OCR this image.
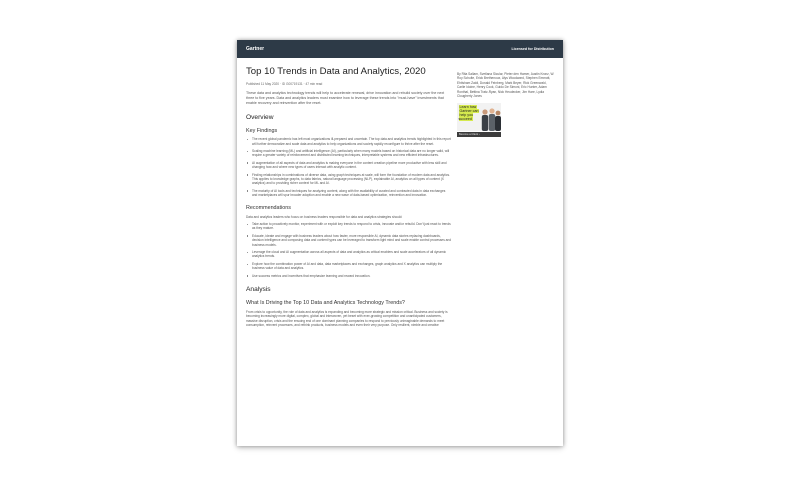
Gartner	Licensed for Distribution
Top 10 Trends in Data and Analytics, 2020
Published 11 May 2020 · ID G00719131 · 47 min read
These data and analytics technology trends will help to accelerate renewal, drive innovation and rebuild society over the next three to five years. Data and analytics leaders must examine how to leverage these trends into "must-have" investments that enable recovery and reinvention after the reset.
Overview
Key Findings
The recent global pandemic has left most organizations ill-prepared and uncertain. The top data and analytics trends highlighted in this report will further democratize and scale data and analytics to help organizations and society rapidly reconfigure to thrive after the reset.
Scaling machine learning (ML) and artificial intelligence (AI), particularly when many models based on historical data are no longer valid, will require a greater variety of reinforcement and distributed learning techniques, interpretable systems and new efficient infrastructures.
AI augmentation of all aspects of data and analytics is making everyone in the content creation pipeline more productive with less skill and changing how and where new types of users interact with analytic content.
Finding relationships in combinations of diverse data, using graph techniques at scale, will form the foundation of modern data and analytics. This applies to knowledge graphs, to data fabrics, natural language processing (NLP), explainable AI, analytics on all types of content (X analytics) and to providing richer context for ML and AI.
The maturity of AI tools and techniques for analyzing content, along with the availability of curated and contracted data in data exchanges and marketplaces will spur broader adoption and enable a new wave of data-based optimization, reinvention and innovation.
Recommendations

Data and analytics leaders who focus on business leaders responsible for data and analytics strategies should:

Take action to proactively monitor, experiment with or exploit key trends to respond to crisis, innovate and/or rebuild. Don't just react to trends as they mature.
Educate, ideate and engage with business leaders about how faster, more responsible AI, dynamic data stories replacing dashboards, decision intelligence and composing data and content types can be leveraged to transform light mind and scale enable control processes and business models.
Leverage the cloud and AI augmentation across all aspects of data and analytics as critical enablers and scale accelerators of all dynamic analytics trends.
Explore how the combination power of AI and data, data marketplaces and exchanges, graph analytics and X analytics can multiply the business value of data and analytics.
Use success metrics and incentives that emphasize learning and reward innovation.
Analysis
What Is Driving the Top 10 Data and Analytics Technology Trends?

From crisis to opportunity, the role of data and analytics is expanding and becoming more strategic and mission critical. Business and society is becoming increasingly more digital, complex, global and interwoven, yet beset with ever-growing competition and unanticipated customers, massive disruption, crisis and the ensuing end of one dominant planning companies to respond to previously unimaginable demands to meet consumption, reinvent processes, and rethink products, business models and even their very purpose. Only resilient, nimble and creative

By Rita Sallam, Svetlana Sicular, Pieter den Hamer, Austin Kronz, W. Roy Schulte, Erick Brethenoux, Alys Woodward, Stephen Emmott, Ehtisham Zaidi, Donald Feinberg, Mark Beyer, Rick Greenwald, Carlie Idoine, Henry Cook, Guido De Simoni, Eric Hunter, Adam Ronthal, Bettina Tratz-Ryan, Nick Heudecker, Jim Hare, Lydia Clougherty Jones
Learn how
Gartner can
help you succeed
Become a Client ›
